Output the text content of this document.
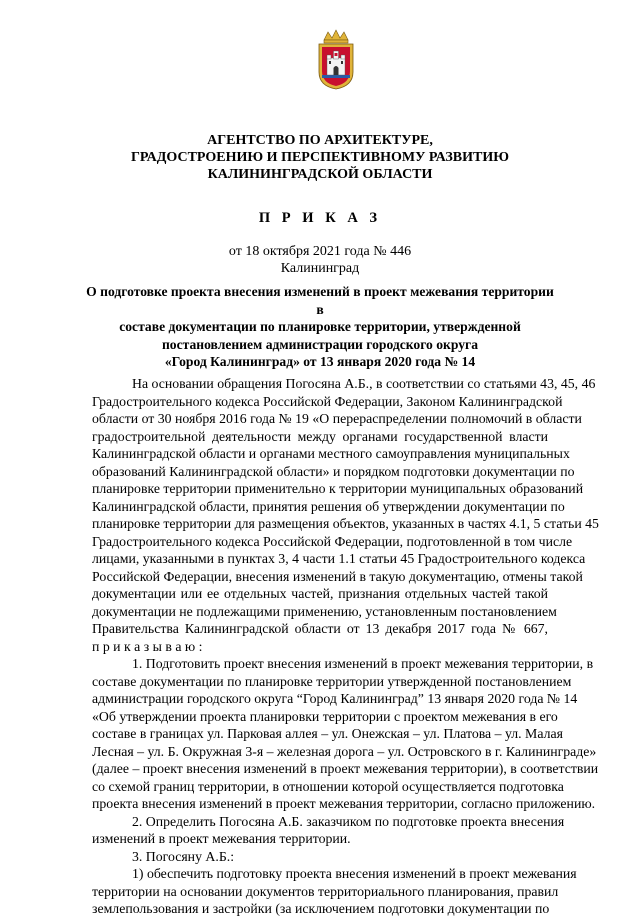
АГЕНТСТВО ПО АРХИТЕКТУРЕ,
ГРАДОСТРОЕНИЮ И ПЕРСПЕКТИВНОМУ РАЗВИТИЮ
КАЛИНИНГРАДСКОЙ ОБЛАСТИ
П Р И К А З
от 18 октября 2021 года № 446
Калининград
О подготовке проекта внесения изменений в проект межевания территории в
составе документации по планировке территории, утвержденной
постановлением администрации городского округа
«Город Калининград» от 13 января 2020 года № 14
На основании обращения Погосяна А.Б., в соответствии со статьями 43, 45, 46
Градостроительного кодекса Российской Федерации, Законом Калининградской
области от 30 ноября 2016 года № 19 «О перераспределении полномочий в области
градостроительной деятельности между органами государственной власти
Калининградской области и органами местного самоуправления муниципальных
образований Калининградской области» и порядком подготовки документации по
планировке территории применительно к территории муниципальных образований
Калининградской области, принятия решения об утверждении документации по
планировке территории для размещения объектов, указанных в частях 4.1, 5 статьи 45
Градостроительного кодекса Российской Федерации, подготовленной в том числе
лицами, указанными в пунктах 3, 4 части 1.1 статьи 45 Градостроительного кодекса
Российской Федерации, внесения изменений в такую документацию, отмены такой
документации или ее отдельных частей, признания отдельных частей такой
документации не подлежащими применению, установленным постановлением
Правительства Калининградской области от 13 декабря 2017 года № 667,
п р и к а з ы в а ю :
1. Подготовить проект внесения изменений в проект межевания территории, в
составе документации по планировке территории утвержденной постановлением
администрации городского округа “Город Калининград” 13 января 2020 года № 14
«Об утверждении проекта планировки территории с проектом межевания в его
составе в границах ул. Парковая аллея – ул. Онежская – ул. Платова – ул. Малая
Лесная – ул. Б. Окружная 3-я – железная дорога – ул. Островского в г. Калининграде»
(далее – проект внесения изменений в проект межевания территории), в соответствии
со схемой границ территории, в отношении которой осуществляется подготовка
проекта внесения изменений в проект межевания территории, согласно приложению.
2. Определить Погосяна А.Б. заказчиком по подготовке проекта внесения
изменений в проект межевания территории.
3. Погосяну А.Б.:
1) обеспечить подготовку проекта внесения изменений в проект межевания
территории на основании документов территориального планирования, правил
землепользования и застройки (за исключением подготовки документации по
